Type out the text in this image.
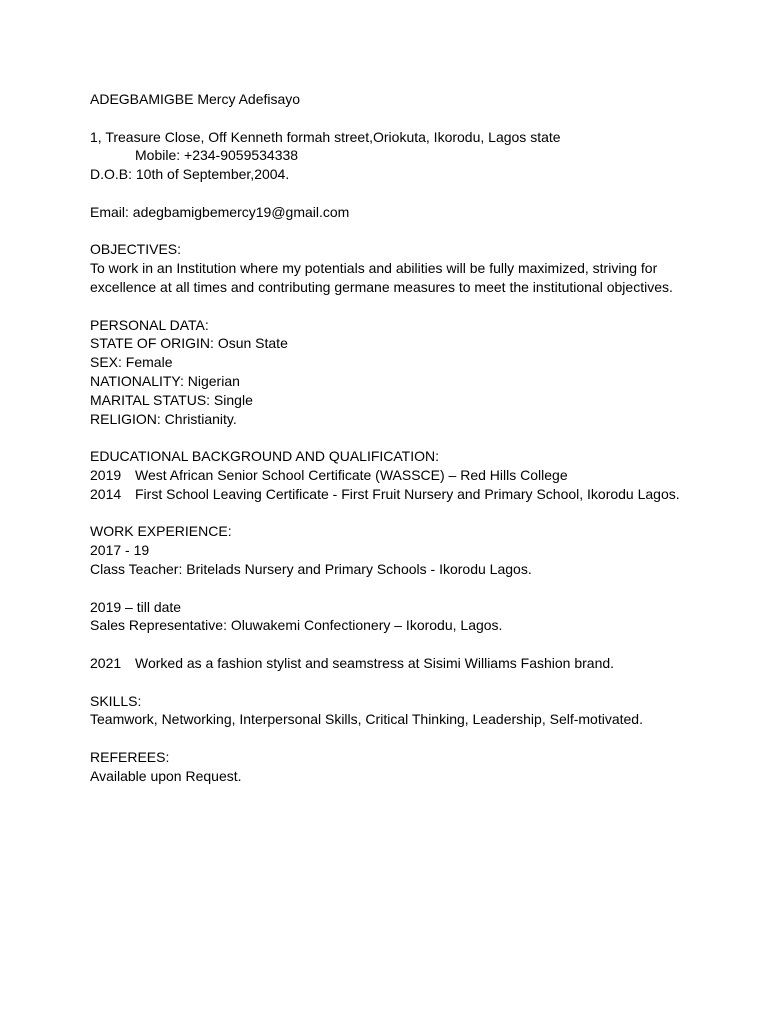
ADEGBAMIGBE Mercy Adefisayo
1, Treasure Close, Off Kenneth formah street,Oriokuta, Ikorodu, Lagos state
Mobile: +234-9059534338
D.O.B: 10th of September,2004.
Email: adegbamigbemercy19@gmail.com
OBJECTIVES:
To work in an Institution where my potentials and abilities will be fully maximized, striving for
excellence at all times and contributing germane measures to meet the institutional objectives.
PERSONAL DATA:
STATE OF ORIGIN: Osun State
SEX: Female
NATIONALITY: Nigerian
MARITAL STATUS: Single
RELIGION: Christianity.
EDUCATIONAL BACKGROUND AND QUALIFICATION:
2019 West African Senior School Certificate (WASSCE) – Red Hills College
2014 First School Leaving Certificate - First Fruit Nursery and Primary School, Ikorodu Lagos.
WORK EXPERIENCE:
2017 - 19
Class Teacher: Britelads Nursery and Primary Schools - Ikorodu Lagos.
2019 – till date
Sales Representative: Oluwakemi Confectionery – Ikorodu, Lagos.
2021 Worked as a fashion stylist and seamstress at Sisimi Williams Fashion brand.
SKILLS:
Teamwork, Networking, Interpersonal Skills, Critical Thinking, Leadership, Self-motivated.
REFEREES:
Available upon Request.
